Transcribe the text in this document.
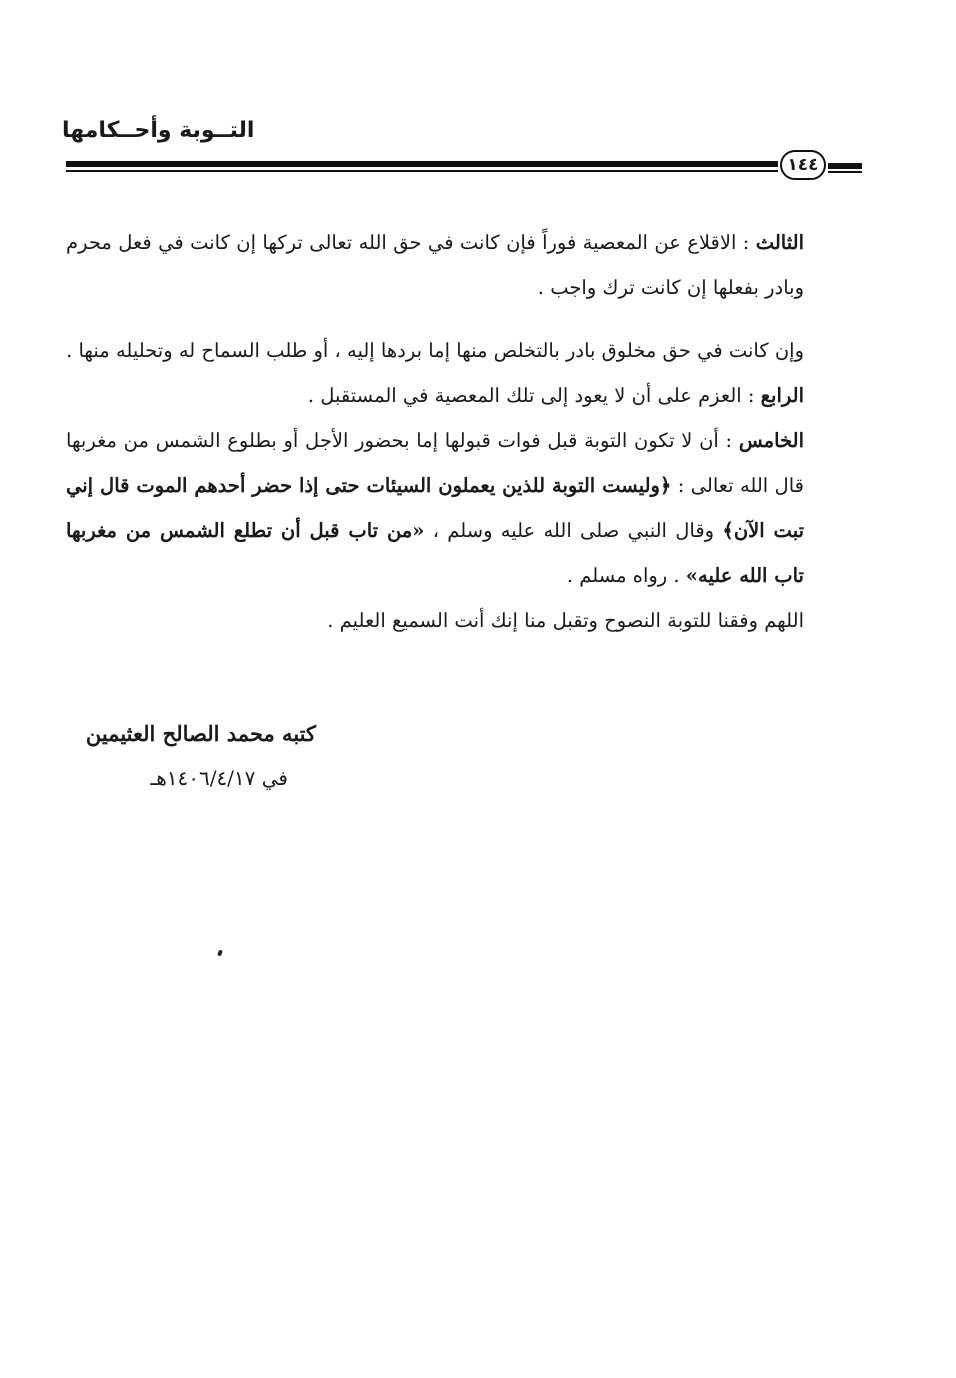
التــوبة وأحــكامها
١٤٤

الثالث : الاقلاع عن المعصية فوراً فإن كانت في حق الله تعالى تركها إن كانت في فعل محرم وبادر بفعلها إن كانت ترك واجب .

وإن كانت في حق مخلوق بادر بالتخلص منها إما بردها إليه ، أو طلب السماح له وتحليله منها .

الرابع : العزم على أن لا يعود إلى تلك المعصية في المستقبل .

الخامس : أن لا تكون التوبة قبل فوات قبولها إما بحضور الأجل أو بطلوع الشمس من مغربها قال الله تعالى : ﴿وليست التوبة للذين يعملون السيئات حتى إذا حضر أحدهم الموت قال إني تبت الآن﴾ وقال النبي صلى الله عليه وسلم ، «من تاب قبل أن تطلع الشمس من مغربها تاب الله عليه» . رواه مسلم .

اللهم وفقنا للتوبة النصوح وتقبل منا إنك أنت السميع العليم .

كتبه محمد الصالح العثيمين
في ١٤٠٦/٤/١٧هـ
